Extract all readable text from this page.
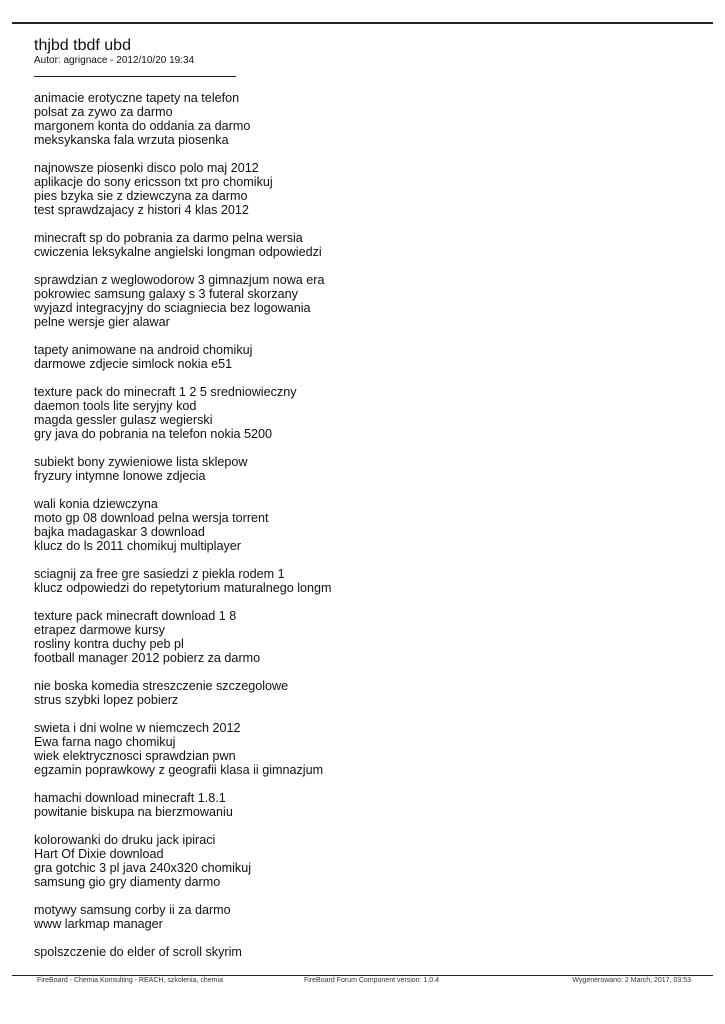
thjbd tbdf ubd
Autor: agrignace - 2012/10/20 19:34
animacie erotyczne tapety na telefon
polsat za zywo za darmo
margonem konta do oddania za darmo
meksykanska fala wrzuta piosenka
najnowsze piosenki disco polo maj 2012
aplikacje do sony ericsson txt pro chomikuj
pies bzyka sie z dziewczyna za darmo
test sprawdzajacy z histori 4 klas 2012
minecraft sp do pobrania za darmo pelna wersia
cwiczenia leksykalne angielski longman odpowiedzi
sprawdzian z weglowodorow 3 gimnazjum nowa era
pokrowiec samsung galaxy s 3 futeral skorzany
wyjazd integracyjny do sciagniecia bez logowania
pelne wersje gier alawar
tapety animowane na android chomikuj
darmowe zdjecie simlock nokia e51
texture pack do minecraft 1 2 5 sredniowieczny
daemon tools lite seryjny kod
magda gessler gulasz wegierski
gry java do pobrania na telefon nokia 5200
subiekt bony zywieniowe lista sklepow
fryzury intymne lonowe zdjecia
wali konia dziewczyna
moto gp 08 download pelna wersja torrent
bajka madagaskar 3 download
klucz do ls 2011 chomikuj multiplayer
sciagnij za free gre sasiedzi z piekla rodem 1
klucz odpowiedzi do repetytorium maturalnego longm
texture pack minecraft download 1 8
etrapez darmowe kursy
rosliny kontra duchy peb pl
football manager 2012 pobierz za darmo
nie boska komedia streszczenie szczegolowe
strus szybki lopez pobierz
swieta i dni wolne w niemczech 2012
Ewa farna nago chomikuj
wiek elektrycznosci sprawdzian pwn
egzamin poprawkowy z geografii klasa ii gimnazjum
hamachi download minecraft 1.8.1
powitanie biskupa na bierzmowaniu
kolorowanki do druku jack ipiraci
Hart Of Dixie download
gra gotchic 3 pl java 240x320 chomikuj
samsung gio gry diamenty darmo
motywy samsung corby ii za darmo
www larkmap manager
spolszczenie do elder of scroll skyrim
FireBoard - Chemia Konsulting - REACH, szkolenia, chemia	FireBoard Forum Component version: 1.0.4	Wygenerowano: 2 March, 2017, 03:53
